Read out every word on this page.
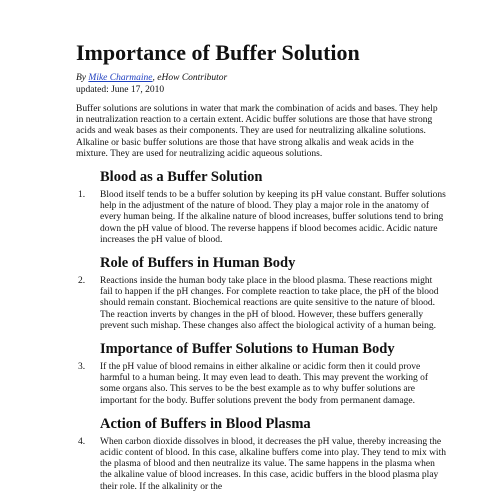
Importance of Buffer Solution
By Mike Charmaine, eHow Contributor
updated: June 17, 2010

Buffer solutions are solutions in water that mark the combination of acids and bases. They help in neutralization reaction to a certain extent. Acidic buffer solutions are those that have strong acids and weak bases as their components. They are used for neutralizing alkaline solutions. Alkaline or basic buffer solutions are those that have strong alkalis and weak acids in the mixture. They are used for neutralizing acidic aqueous solutions.

Blood as a Buffer Solution
1.	Blood itself tends to be a buffer solution by keeping its pH value constant. Buffer solutions help in the adjustment of the nature of blood. They play a major role in the anatomy of every human being. If the alkaline nature of blood increases, buffer solutions tend to bring down the pH value of blood. The reverse happens if blood becomes acidic. Acidic nature increases the pH value of blood.
Role of Buffers in Human Body
2.	Reactions inside the human body take place in the blood plasma. These reactions might fail to happen if the pH changes. For complete reaction to take place, the pH of the blood should remain constant. Biochemical reactions are quite sensitive to the nature of blood. The reaction inverts by changes in the pH of blood. However, these buffers generally prevent such mishap. These changes also affect the biological activity of a human being.
Importance of Buffer Solutions to Human Body
3.	If the pH value of blood remains in either alkaline or acidic form then it could prove harmful to a human being. It may even lead to death. This may prevent the working of some organs also. This serves to be the best example as to why buffer solutions are important for the body. Buffer solutions prevent the body from permanent damage.
Action of Buffers in Blood Plasma
4.	When carbon dioxide dissolves in blood, it decreases the pH value, thereby increasing the acidic content of blood. In this case, alkaline buffers come into play. They tend to mix with the plasma of blood and then neutralize its value. The same happens in the plasma when the alkaline value of blood increases. In this case, acidic buffers in the blood plasma play their role. If the alkalinity or the
